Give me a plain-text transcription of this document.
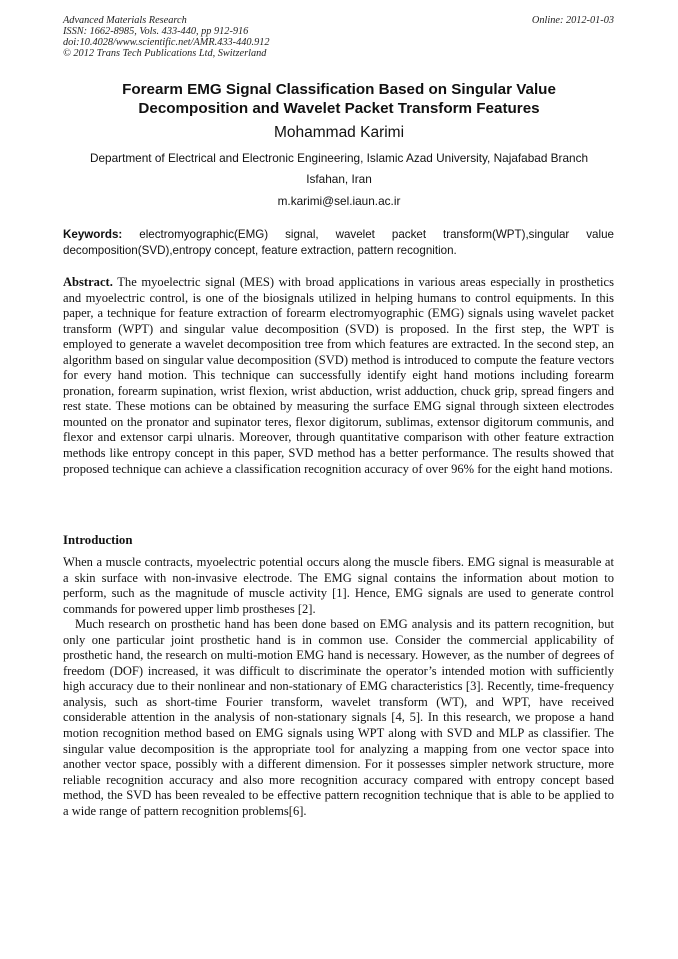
Advanced Materials Research
ISSN: 1662-8985, Vols. 433-440, pp 912-916
doi:10.4028/www.scientific.net/AMR.433-440.912
© 2012 Trans Tech Publications Ltd, Switzerland
Online: 2012-01-03
Forearm EMG Signal Classification Based on Singular Value
Decomposition and Wavelet Packet Transform Features
Mohammad Karimi
Department of Electrical and Electronic Engineering, Islamic Azad University, Najafabad Branch
Isfahan, Iran
m.karimi@sel.iaun.ac.ir
Keywords: electromyographic(EMG) signal, wavelet packet transform(WPT),singular value decomposition(SVD),entropy concept, feature extraction, pattern recognition.
Abstract. The myoelectric signal (MES) with broad applications in various areas especially in prosthetics and myoelectric control, is one of the biosignals utilized in helping humans to control equipments. In this paper, a technique for feature extraction of forearm electromyographic (EMG) signals using wavelet packet transform (WPT) and singular value decomposition (SVD) is proposed. In the first step, the WPT is employed to generate a wavelet decomposition tree from which features are extracted. In the second step, an algorithm based on singular value decomposition (SVD) method is introduced to compute the feature vectors for every hand motion. This technique can successfully identify eight hand motions including forearm pronation, forearm supination, wrist flexion, wrist abduction, wrist adduction, chuck grip, spread fingers and rest state. These motions can be obtained by measuring the surface EMG signal through sixteen electrodes mounted on the pronator and supinator teres, flexor digitorum, sublimas, extensor digitorum communis, and flexor and extensor carpi ulnaris. Moreover, through quantitative comparison with other feature extraction methods like entropy concept in this paper, SVD method has a better performance. The results showed that proposed technique can achieve a classification recognition accuracy of over 96% for the eight hand motions.
Introduction

When a muscle contracts, myoelectric potential occurs along the muscle fibers. EMG signal is measurable at a skin surface with non-invasive electrode. The EMG signal contains the information about motion to perform, such as the magnitude of muscle activity [1]. Hence, EMG signals are used to generate control commands for powered upper limb prostheses [2].

Much research on prosthetic hand has been done based on EMG analysis and its pattern recognition, but only one particular joint prosthetic hand is in common use. Consider the commercial applicability of prosthetic hand, the research on multi-motion EMG hand is necessary. However, as the number of degrees of freedom (DOF) increased, it was difficult to discriminate the operator’s intended motion with sufficiently high accuracy due to their nonlinear and non-stationary of EMG characteristics [3]. Recently, time-frequency analysis, such as short-time Fourier transform, wavelet transform (WT), and WPT, have received considerable attention in the analysis of non-stationary signals [4, 5]. In this research, we propose a hand motion recognition method based on EMG signals using WPT along with SVD and MLP as classifier. The singular value decomposition is the appropriate tool for analyzing a mapping from one vector space into another vector space, possibly with a different dimension. For it possesses simpler network structure, more reliable recognition accuracy and also more recognition accuracy compared with entropy concept based method, the SVD has been revealed to be effective pattern recognition technique that is able to be applied to a wide range of pattern recognition problems[6].
